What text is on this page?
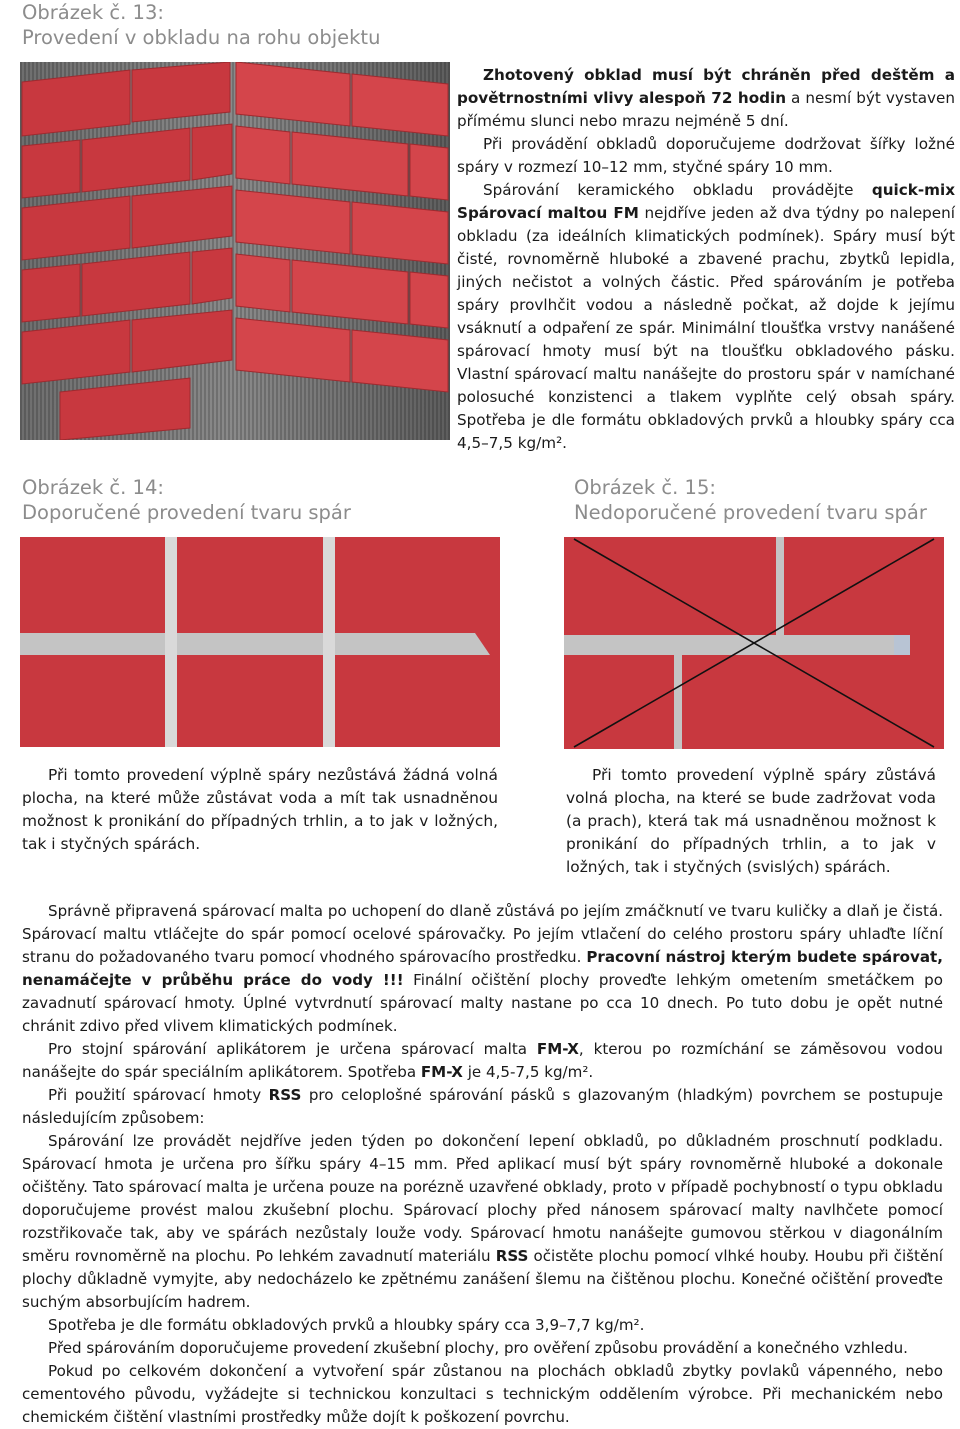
Obrázek č. 13:
Provedení v obkladu na rohu objektu

Zhotovený obklad musí být chráněn před deštěm a povětrnostními vlivy alespoň 72 hodin a nesmí být vystaven přímému slunci nebo mrazu nejméně 5 dní.

Při provádění obkladů doporučujeme dodržovat šířky ložné spáry v rozmezí 10–12 mm, styčné spáry 10 mm.

Spárování keramického obkladu provádějte quick-mix Spárovací maltou FM nejdříve jeden až dva týdny po nalepení obkladu (za ideálních klimatických podmínek). Spáry musí být čisté, rovnoměrně hluboké a zbavené prachu, zbytků lepidla, jiných nečistot a volných částic. Před spárováním je potřeba spáry provlhčit vodou a následně počkat, až dojde k jejímu vsáknutí a odpaření ze spár. Minimální tloušťka vrstvy nanášené spárovací hmoty musí být na tloušťku obkladového pásku. Vlastní spárovací maltu nanášejte do prostoru spár v namíchané polosuché konzistenci a tlakem vyplňte celý obsah spáry. Spotřeba je dle formátu obkladových prvků a hloubky spáry cca 4,5–7,5 kg/m².

Obrázek č. 14:
Doporučené provedení tvaru spár
Obrázek č. 15:
Nedoporučené provedení tvaru spár

Při tomto provedení výplně spáry nezůstává žádná volná plocha, na které může zůstávat voda a mít tak usnadněnou možnost k pronikání do případných trhlin, a to jak v ložných, tak i styčných spárách.

Při tomto provedení výplně spáry zůstává volná plocha, na které se bude zadržovat voda (a prach), která tak má usnadněnou možnost k pronikání do případných trhlin, a to jak v ložných, tak i styčných (svislých) spárách.

Správně připravená spárovací malta po uchopení do dlaně zůstává po jejím zmáčknutí ve tvaru kuličky a dlaň je čistá. Spárovací maltu vtláčejte do spár pomocí ocelové spárovačky. Po jejím vtlačení do celého prostoru spáry uhlaďte líční stranu do požadovaného tvaru pomocí vhodného spárovacího prostředku. Pracovní nástroj kterým budete spárovat, nenamáčejte v průběhu práce do vody !!! Finální očištění plochy proveďte lehkým ometením smetáčkem po zavadnutí spárovací hmoty. Úplné vytvrdnutí spárovací malty nastane po cca 10 dnech. Po tuto dobu je opět nutné chránit zdivo před vlivem klimatických podmínek.

Pro stojní spárování aplikátorem je určena spárovací malta FM-X, kterou po rozmíchání se záměsovou vodou nanášejte do spár speciálním aplikátorem. Spotřeba FM-X je 4,5-7,5 kg/m².

Při použití spárovací hmoty RSS pro celoplošné spárování pásků s glazovaným (hladkým) povrchem se postupuje následujícím způsobem:

Spárování lze provádět nejdříve jeden týden po dokončení lepení obkladů, po důkladném proschnutí podkladu. Spárovací hmota je určena pro šířku spáry 4–15 mm. Před aplikací musí být spáry rovnoměrně hluboké a dokonale očištěny. Tato spárovací malta je určena pouze na porézně uzavřené obklady, proto v případě pochybností o typu obkladu doporučujeme provést malou zkušební plochu. Spárovací plochy před nánosem spárovací malty navlhčete pomocí rozstřikovače tak, aby ve spárách nezůstaly louže vody. Spárovací hmotu nanášejte gumovou stěrkou v diagonálním směru rovnoměrně na plochu. Po lehkém zavadnutí materiálu RSS očistěte plochu pomocí vlhké houby. Houbu při čištění plochy důkladně vymyjte, aby nedocházelo ke zpětnému zanášení šlemu na čištěnou plochu. Konečné očištění proveďte suchým absorbujícím hadrem.

Spotřeba je dle formátu obkladových prvků a hloubky spáry cca 3,9–7,7 kg/m².

Před spárováním doporučujeme provedení zkušební plochy, pro ověření způsobu provádění a konečného vzhledu.

Pokud po celkovém dokončení a vytvoření spár zůstanou na plochách obkladů zbytky povlaků vápenného, nebo cementového původu, vyžádejte si technickou konzultaci s technickým oddělením výrobce. Při mechanickém nebo chemickém čištění vlastními prostředky může dojít k poškození povrchu.
